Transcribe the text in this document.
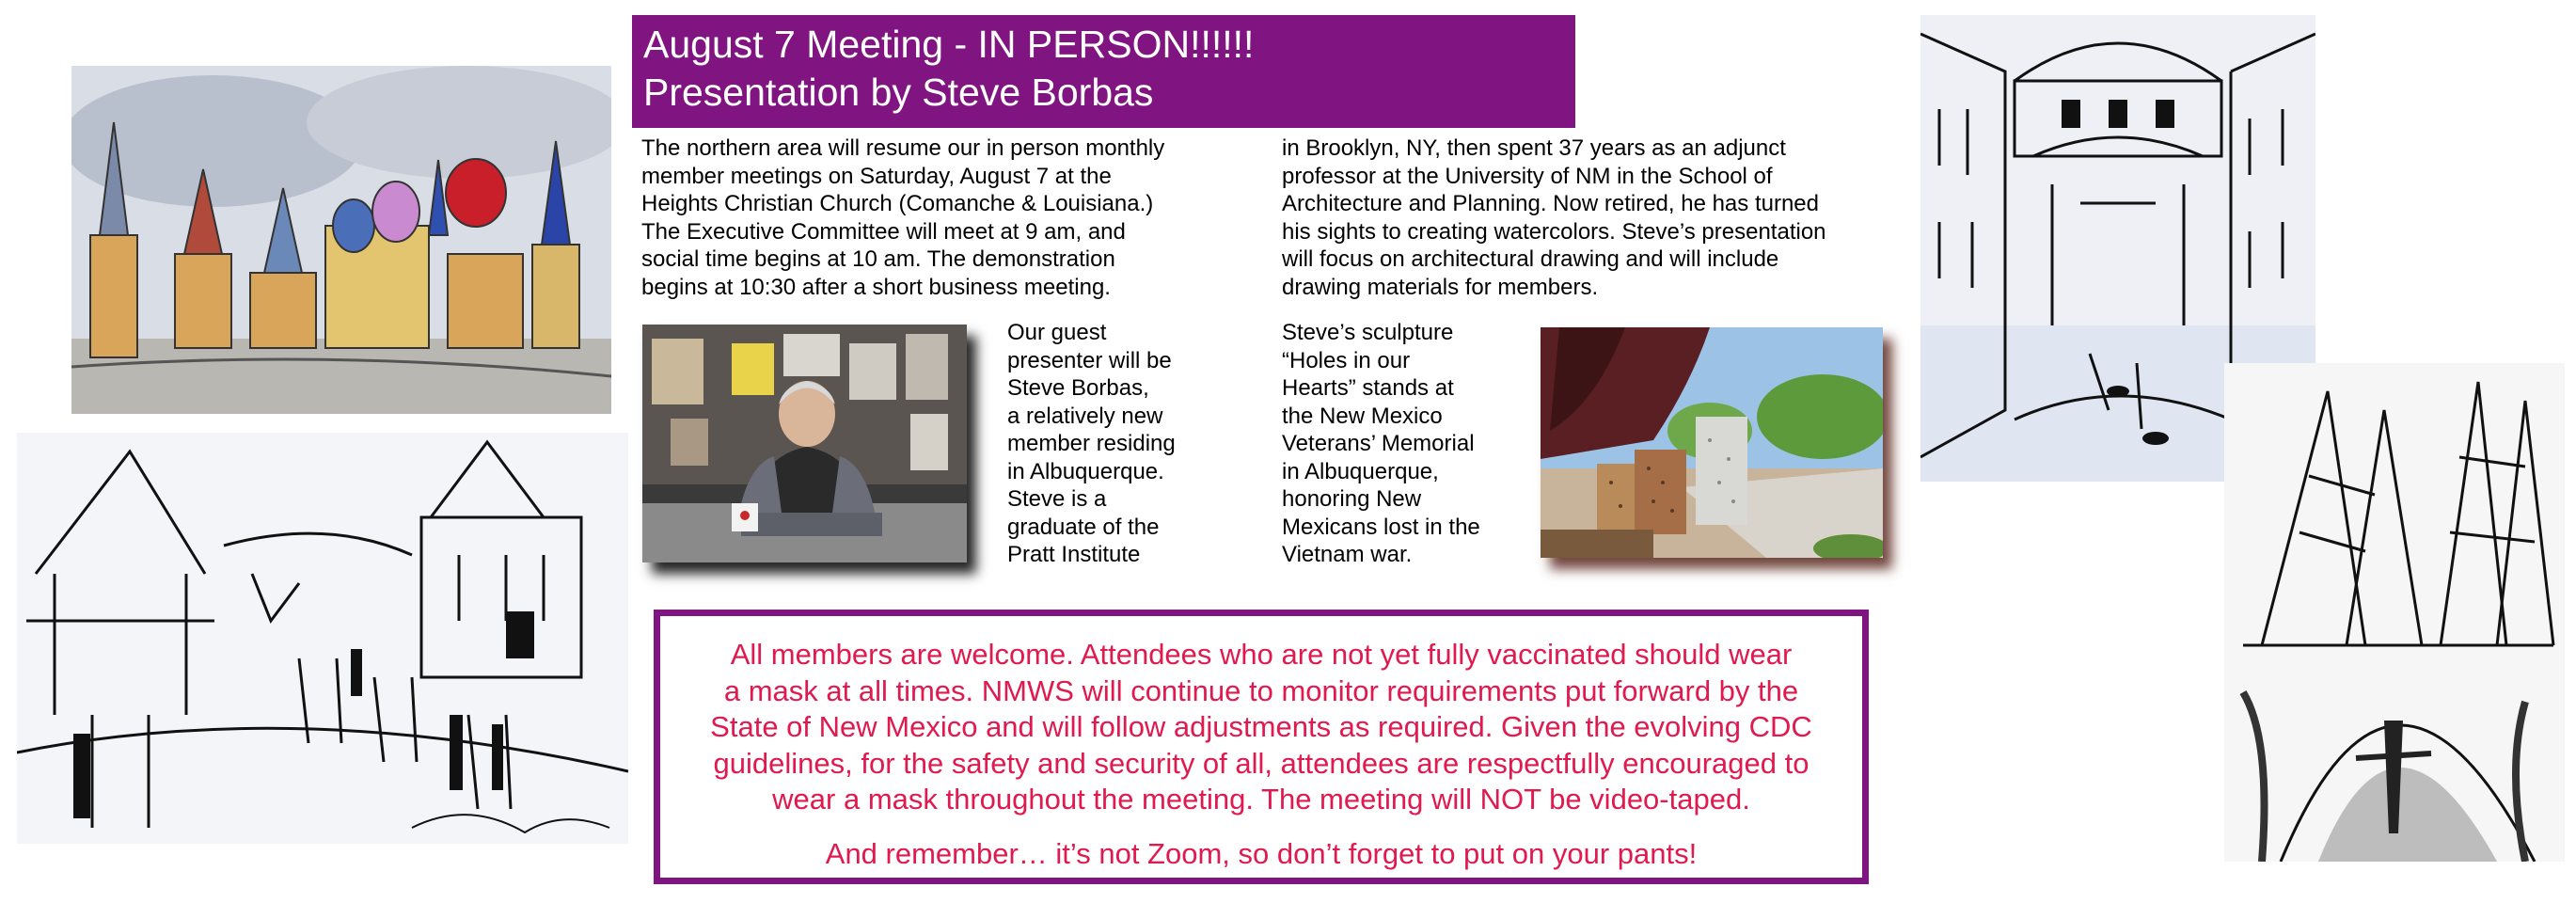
August 7 Meeting - IN PERSON!!!!!!
Presentation by Steve Borbas

The northern area will resume our in person monthly
member meetings on Saturday, August 7 at the
Heights Christian Church (Comanche & Louisiana.)
The Executive Committee will meet at 9 am, and
social time begins at 10 am. The demonstration
begins at 10:30 after a short business meeting.

in Brooklyn, NY, then spent 37 years as an adjunct
professor at the University of NM in the School of
Architecture and Planning. Now retired, he has turned
his sights to creating watercolors. Steve’s presentation
will focus on architectural drawing and will include
drawing materials for members.

Our guest
presenter will be
Steve Borbas,
a relatively new
member residing
in Albuquerque.
Steve is a
graduate of the
Pratt Institute

Steve’s sculpture
“Holes in our
Hearts” stands at
the New Mexico
Veterans’ Memorial
in Albuquerque,
honoring New
Mexicans lost in the
Vietnam war.

All members are welcome. Attendees who are not yet fully vaccinated should wear
a mask at all times. NMWS will continue to monitor requirements put forward by the
State of New Mexico and will follow adjustments as required. Given the evolving CDC
guidelines, for the safety and security of all, attendees are respectfully encouraged to
wear a mask throughout the meeting. The meeting will NOT be video-taped.

And remember… it’s not Zoom, so don’t forget to put on your pants!
